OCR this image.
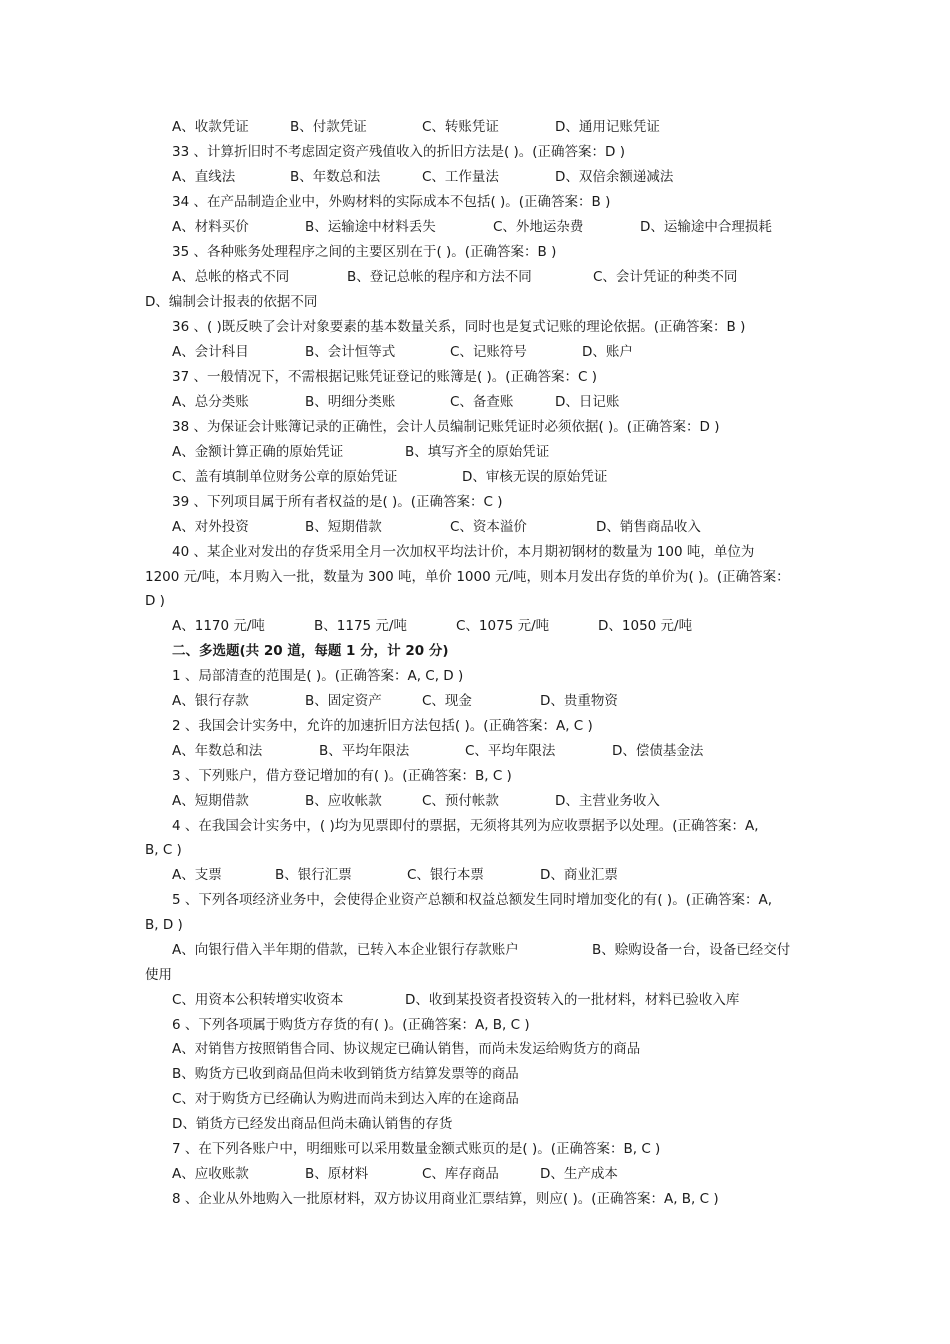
A、收款凭证	B、付款凭证	C、转账凭证	D、通用记账凭证
33 、计算折旧时不考虑固定资产残值收入的折旧方法是( )。(正确答案：D )
A、直线法	B、年数总和法	C、工作量法	D、双倍余额递减法
34 、在产品制造企业中，外购材料的实际成本不包括( )。(正确答案：B )
A、材料买价	B、运输途中材料丢失	C、外地运杂费	D、运输途中合理损耗
35 、各种账务处理程序之间的主要区别在于( )。(正确答案：B )
A、总帐的格式不同	B、登记总帐的程序和方法不同	C、会计凭证的种类不同
D、编制会计报表的依据不同
36 、( )既反映了会计对象要素的基本数量关系，同时也是复式记账的理论依据。(正确答案：B )
A、会计科目	B、会计恒等式	C、记账符号	D、账户
37 、一般情况下，不需根据记账凭证登记的账簿是( )。(正确答案：C )
A、总分类账	B、明细分类账	C、备查账	D、日记账
38 、为保证会计账簿记录的正确性，会计人员编制记账凭证时必须依据( )。(正确答案：D )
A、金额计算正确的原始凭证	B、填写齐全的原始凭证
C、盖有填制单位财务公章的原始凭证	D、审核无误的原始凭证
39 、下列项目属于所有者权益的是( )。(正确答案：C )
A、对外投资	B、短期借款	C、资本溢价	D、销售商品收入
40 、某企业对发出的存货采用全月一次加权平均法计价，本月期初钢材的数量为 100 吨，单位为
1200 元/吨，本月购入一批，数量为 300 吨，单价 1000 元/吨，则本月发出存货的单价为( )。(正确答案：
D )
A、1170 元/吨	B、1175 元/吨	C、1075 元/吨	D、1050 元/吨
二、多选题(共 20 道，每题 1 分，计 20 分)
1 、局部清查的范围是( )。(正确答案：A, C, D )
A、银行存款	B、固定资产	C、现金	D、贵重物资
2 、我国会计实务中，允许的加速折旧方法包括( )。(正确答案：A, C )
A、年数总和法	B、平均年限法	C、平均年限法	D、偿债基金法
3 、下列账户，借方登记增加的有( )。(正确答案：B, C )
A、短期借款	B、应收帐款	C、预付帐款	D、主营业务收入
4 、在我国会计实务中，( )均为见票即付的票据，无须将其列为应收票据予以处理。(正确答案：A,
B, C )
A、支票	B、银行汇票	C、银行本票	D、商业汇票
5 、下列各项经济业务中，会使得企业资产总额和权益总额发生同时增加变化的有( )。(正确答案：A,
B, D )
A、向银行借入半年期的借款，已转入本企业银行存款账户	B、赊购设备一台，设备已经交付
使用
C、用资本公积转增实收资本	D、收到某投资者投资转入的一批材料，材料已验收入库
6 、下列各项属于购货方存货的有( )。(正确答案：A, B, C )
A、对销售方按照销售合同、协议规定已确认销售，而尚未发运给购货方的商品
B、购货方已收到商品但尚未收到销货方结算发票等的商品
C、对于购货方已经确认为购进而尚未到达入库的在途商品
D、销货方已经发出商品但尚未确认销售的存货
7 、在下列各账户中，明细账可以采用数量金额式账页的是( )。(正确答案：B, C )
A、应收账款	B、原材料	C、库存商品	D、生产成本
8 、企业从外地购入一批原材料，双方协议用商业汇票结算，则应( )。(正确答案：A, B, C )
